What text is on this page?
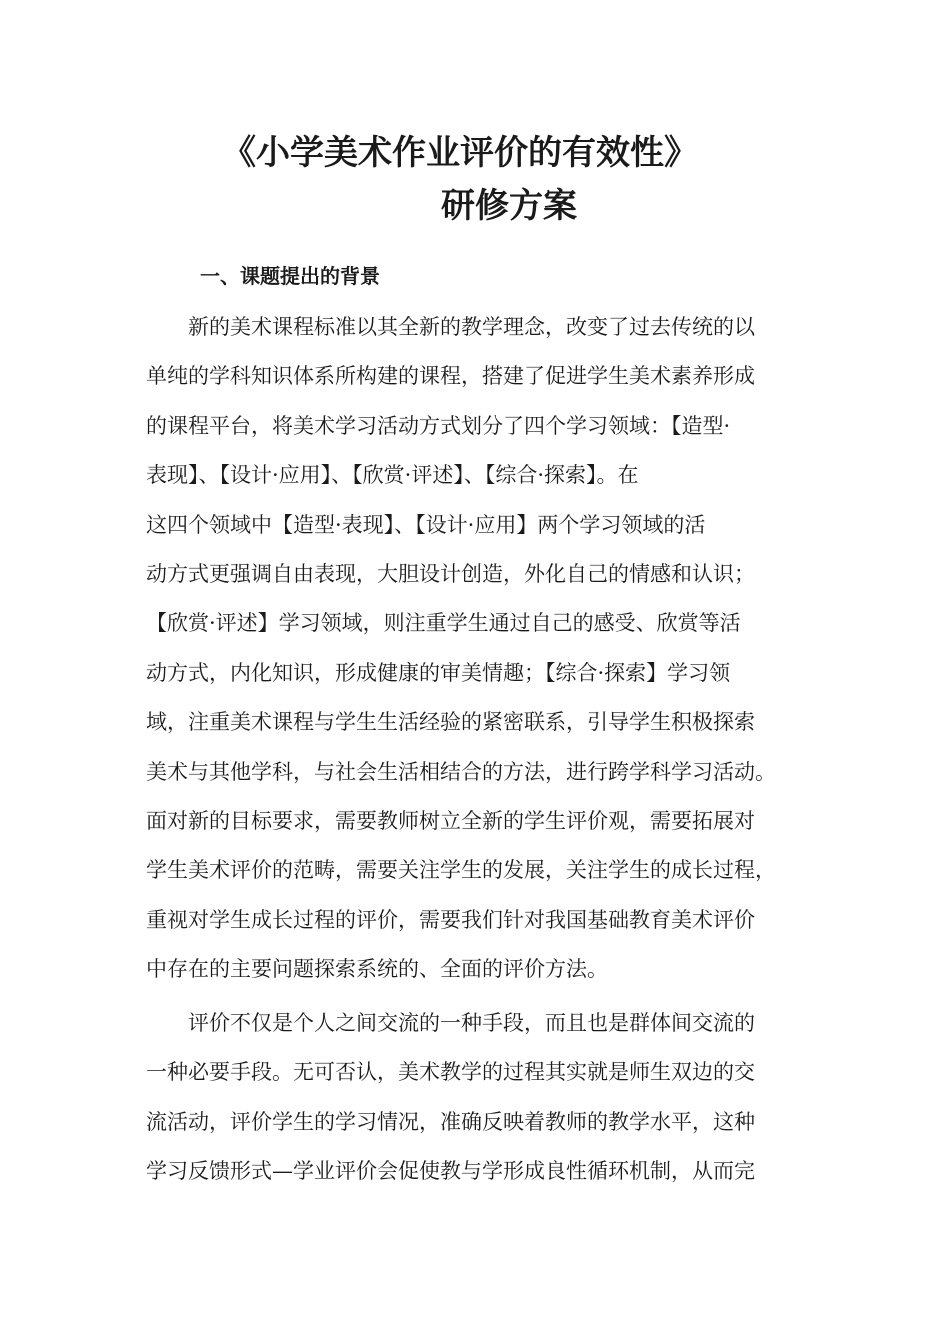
《小学美术作业评价的有效性》
研修方案
一、课题提出的背景

新的美术课程标准以其全新的教学理念，改变了过去传统的以
单纯的学科知识体系所构建的课程，搭建了促进学生美术素养形成
的课程平台，将美术学习活动方式划分了四个学习领域：【造型·
表现】、【设计·应用】、【欣赏·评述】、【综合·探索】。在
这四个领域中【造型·表现】、【设计·应用】两个学习领域的活
动方式更强调自由表现，大胆设计创造，外化自己的情感和认识；
【欣赏·评述】学习领域，则注重学生通过自己的感受、欣赏等活
动方式，内化知识，形成健康的审美情趣；【综合·探索】学习领
域，注重美术课程与学生生活经验的紧密联系，引导学生积极探索
美术与其他学科，与社会生活相结合的方法，进行跨学科学习活动。
面对新的目标要求，需要教师树立全新的学生评价观，需要拓展对
学生美术评价的范畴，需要关注学生的发展，关注学生的成长过程，
重视对学生成长过程的评价，需要我们针对我国基础教育美术评价
中存在的主要问题探索系统的、全面的评价方法。

评价不仅是个人之间交流的一种手段，而且也是群体间交流的
一种必要手段。无可否认，美术教学的过程其实就是师生双边的交
流活动，评价学生的学习情况，准确反映着教师的教学水平，这种
学习反馈形式—学业评价会促使教与学形成良性循环机制，从而完
